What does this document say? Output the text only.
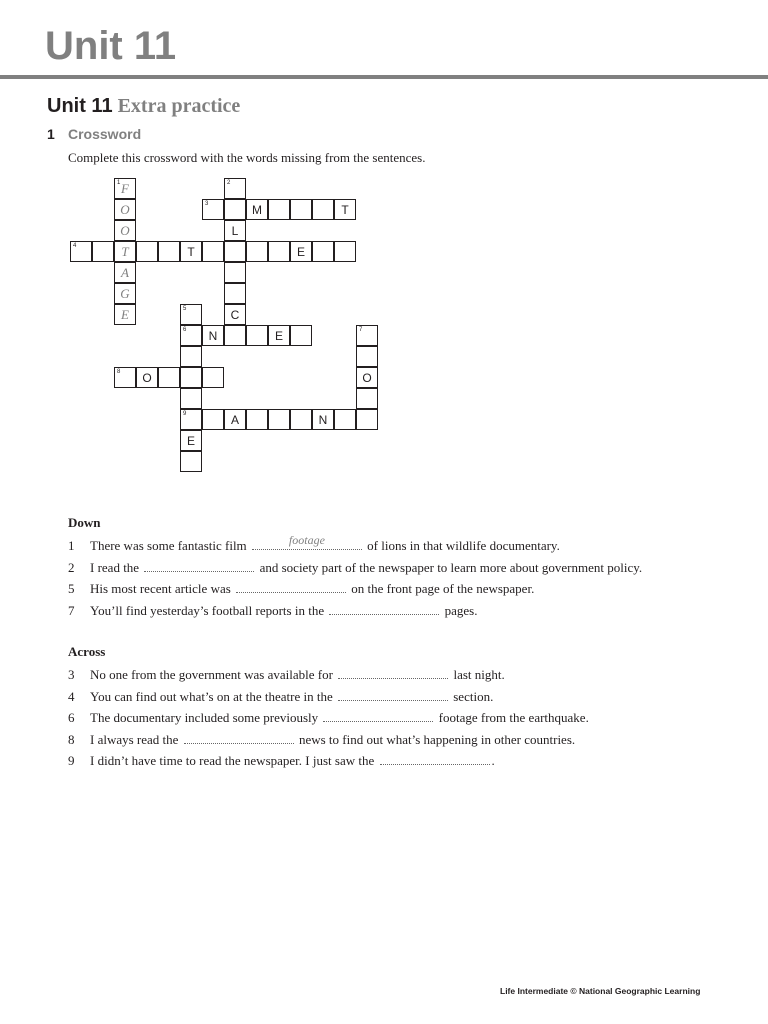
Unit 11
Unit 11 Extra practice
1 Crossword
Complete this crossword with the words missing from the sentences.
1 F
O
O
T
A
G
E
2
3	M	T
L
4	T	E
5	C
6	N	E	7
8	O	O
9	A	N
E
Down
1 There was some fantastic film	footage	of lions in that wildlife documentary.
2 I read the	and society part of the newspaper to learn more about government policy.
5 His most recent article was	on the front page of the newspaper.
7 You’ll find yesterday’s football reports in the	pages.
Across
3 No one from the government was available for	last night.
4 You can find out what’s on at the theatre in the	section.
6 The documentary included some previously	footage from the earthquake.
8 I always read the	news to find out what’s happening in other countries.
9 I didn’t have time to read the newspaper. I just saw the	.
Life Intermediate © National Geographic Learning
